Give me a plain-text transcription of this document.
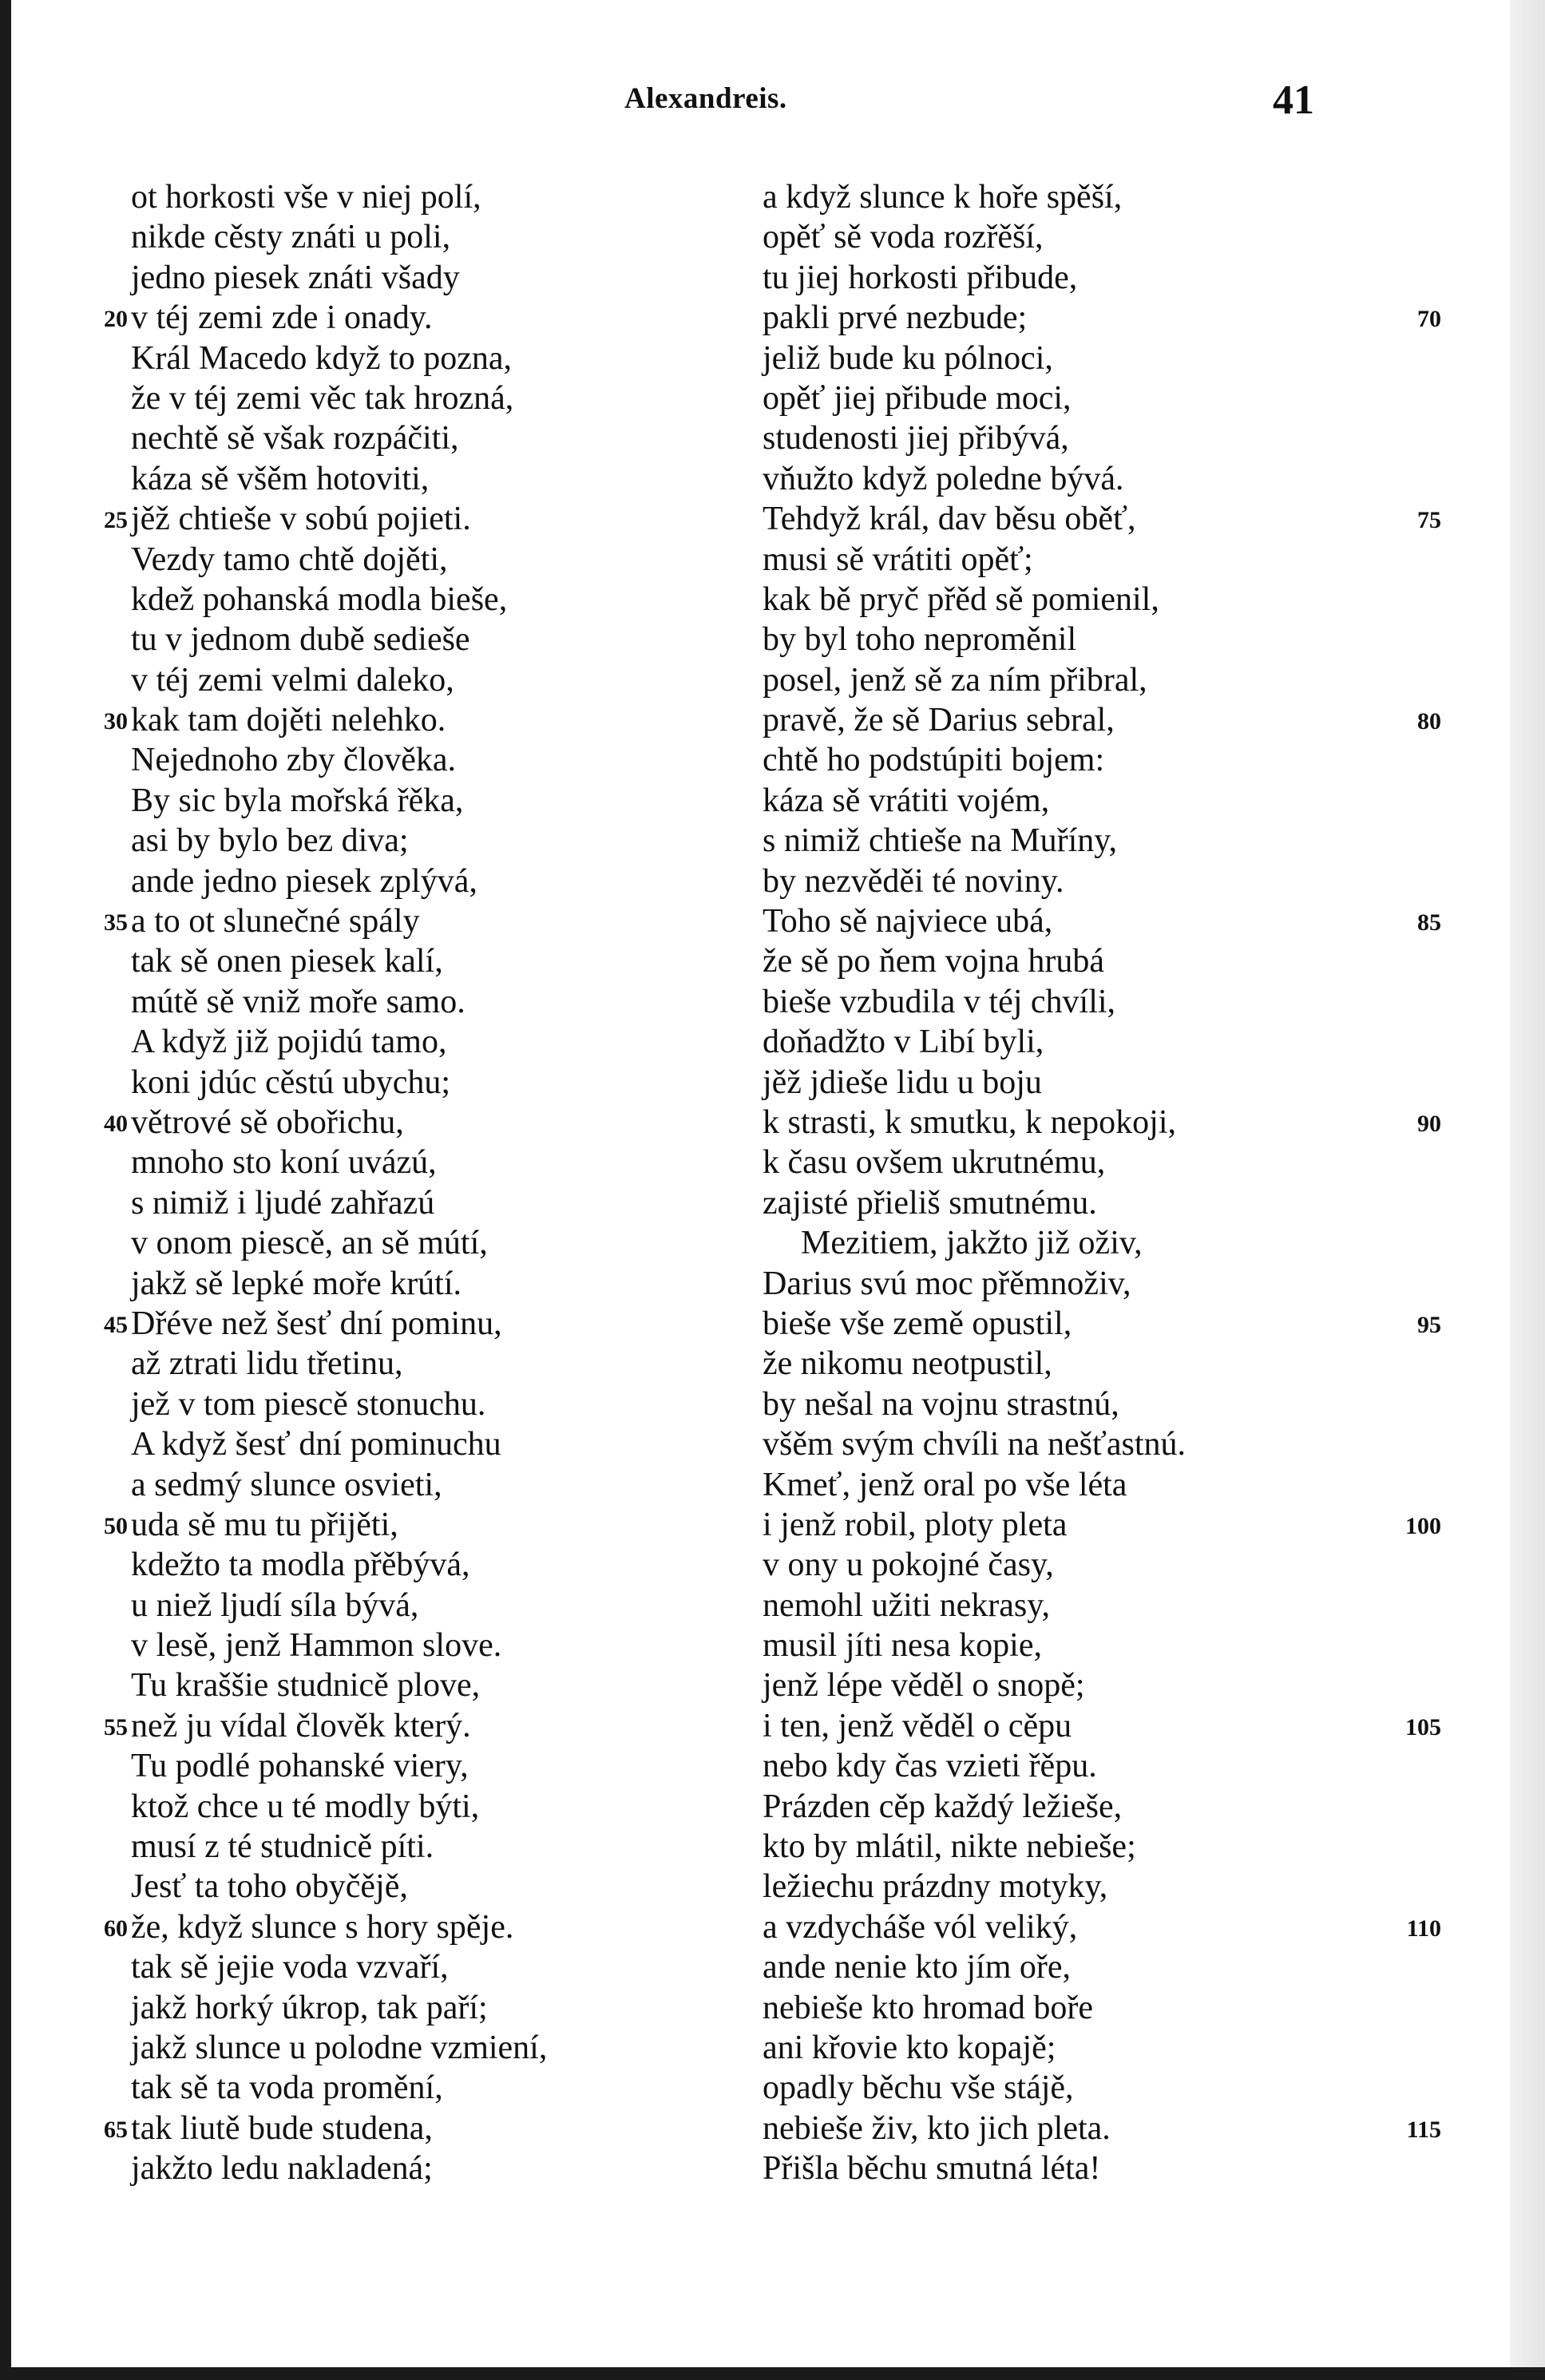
Alexandreis.	41
ot horkosti vše v niej polí,
nikde cěsty znáti u poli,
jedno piesek znáti všady
v téj zemi zde i onady.
20
Král Macedo když to pozna,
že v téj zemi věc tak hrozná,
nechtě sě však rozpáčiti,
káza sě všěm hotoviti,
jěž chtieše v sobú pojieti.
25
Vezdy tamo chtě dojěti,
kdež pohanská modla bieše,
tu v jednom dubě sedieše
v téj zemi velmi daleko,
kak tam dojěti nelehko.
30
Nejednoho zby člověka.
By sic byla mořská řěka,
asi by bylo bez diva;
ande jedno piesek zplývá,
a to ot slunečné spály
35
tak sě onen piesek kalí,
mútě sě vniž moře samo.
A když již pojidú tamo,
koni jdúc cěstú ubychu;
větrové sě obořichu,
40
mnoho sto koní uvázú,
s nimiž i ljudé zahřazú
v onom piescě, an sě mútí,
jakž sě lepké moře krútí.
Dřéve než šesť dní pominu,
45
až ztrati lidu třetinu,
jež v tom piescě stonuchu.
A když šesť dní pominuchu
a sedmý slunce osvieti,
uda sě mu tu přijěti,
50
kdežto ta modla přěbývá,
u niež ljudí síla bývá,
v lesě, jenž Hammon slove.
Tu kraššie studnicě plove,
než ju vídal člověk který.
55
Tu podlé pohanské viery,
ktož chce u té modly býti,
musí z té studnicě píti.
Jesť ta toho obyčějě,
že, když slunce s hory spěje.
60
tak sě jejie voda vzvaří,
jakž horký úkrop, tak paří;
jakž slunce u polodne vzmiení,
tak sě ta voda promění,
tak liutě bude studena,
65
jakžto ledu nakladená;
a když slunce k hoře spěší,
opěť sě voda rozřěší,
tu jiej horkosti přibude,
pakli prvé nezbude;	70
jeliž bude ku pólnoci,
opěť jiej přibude moci,
studenosti jiej přibývá,
vňužto když poledne bývá.
Tehdyž král, dav běsu oběť,	75
musi sě vrátiti opěť;
kak bě pryč přěd sě pomienil,
by byl toho neproměnil
posel, jenž sě za ním přibral,
pravě, že sě Darius sebral,	80
chtě ho podstúpiti bojem:
káza sě vrátiti vojém,
s nimiž chtieše na Muříny,
by nezvěděi té noviny.
Toho sě najviece ubá,	85
že sě po ňem vojna hrubá
bieše vzbudila v téj chvíli,
doňadžto v Libí byli,
jěž jdieše lidu u boju
k strasti, k smutku, k nepokoji,	90
k času ovšem ukrutnému,
zajisté přieliš smutnému.
Mezitiem, jakžto již oživ,
Darius svú moc přěmnoživ,
bieše vše země opustil,	95
že nikomu neotpustil,
by nešal na vojnu strastnú,
všěm svým chvíli na nešťastnú.
Kmeť, jenž oral po vše léta
i jenž robil, ploty pleta	100
v ony u pokojné časy,
nemohl užiti nekrasy,
musil jíti nesa kopie,
jenž lépe věděl o snopě;
i ten, jenž věděl o cěpu	105
nebo kdy čas vzieti řěpu.
Prázden cěp každý ležieše,
kto by mlátil, nikte nebieše;
ležiechu prázdny motyky,
a vzdycháše vól veliký,	110
ande nenie kto jím oře,
nebieše kto hromad boře
ani křovie kto kopajě;
opadly běchu vše stájě,
nebieše živ, kto jich pleta.	115
Přišla běchu smutná léta!
